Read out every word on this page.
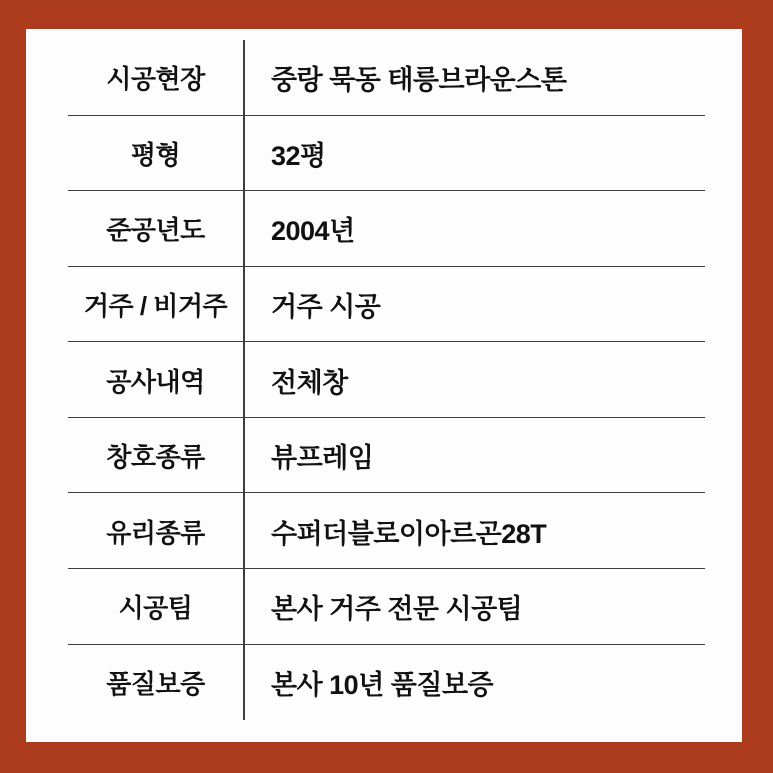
시공현장	중랑 묵동 태릉브라운스톤
평형	32평
준공년도	2004년
거주 / 비거주	거주 시공
공사내역	전체창
창호종류	뷰프레임
유리종류	수퍼더블로이아르곤28T
시공팀	본사 거주 전문 시공팀
품질보증	본사 10년 품질보증
